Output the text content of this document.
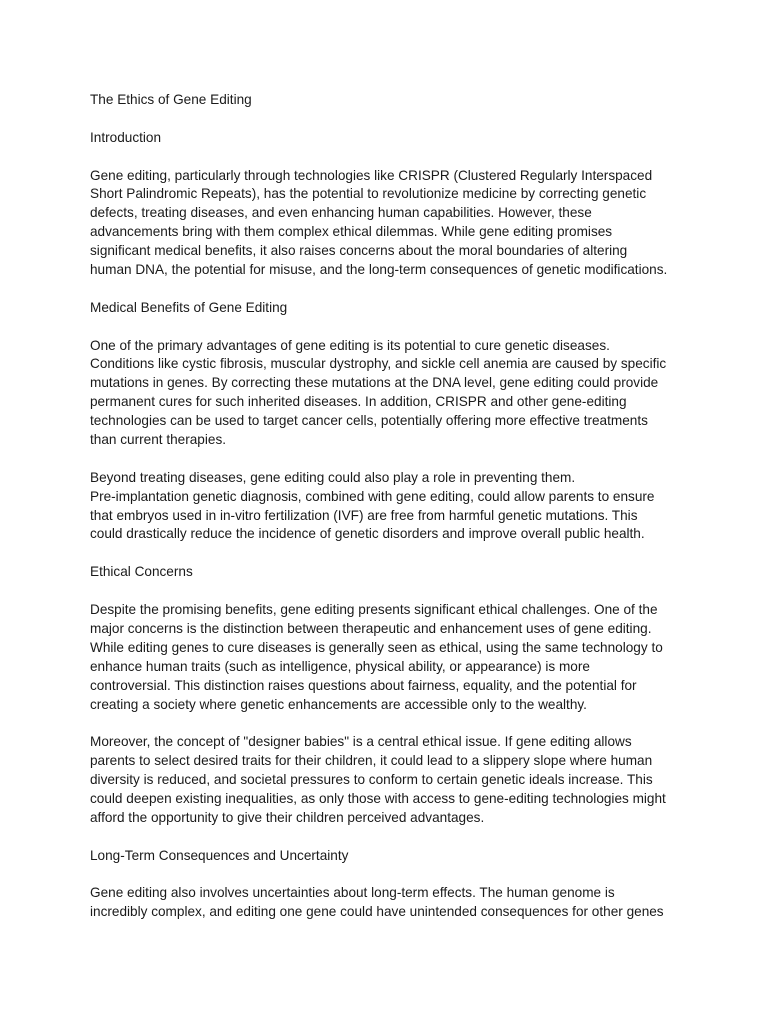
The Ethics of Gene Editing
Introduction
Gene editing, particularly through technologies like CRISPR (Clustered Regularly Interspaced
Short Palindromic Repeats), has the potential to revolutionize medicine by correcting genetic
defects, treating diseases, and even enhancing human capabilities. However, these
advancements bring with them complex ethical dilemmas. While gene editing promises
significant medical benefits, it also raises concerns about the moral boundaries of altering
human DNA, the potential for misuse, and the long-term consequences of genetic modifications.
Medical Benefits of Gene Editing
One of the primary advantages of gene editing is its potential to cure genetic diseases.
Conditions like cystic fibrosis, muscular dystrophy, and sickle cell anemia are caused by specific
mutations in genes. By correcting these mutations at the DNA level, gene editing could provide
permanent cures for such inherited diseases. In addition, CRISPR and other gene-editing
technologies can be used to target cancer cells, potentially offering more effective treatments
than current therapies.
Beyond treating diseases, gene editing could also play a role in preventing them.
Pre-implantation genetic diagnosis, combined with gene editing, could allow parents to ensure
that embryos used in in-vitro fertilization (IVF) are free from harmful genetic mutations. This
could drastically reduce the incidence of genetic disorders and improve overall public health.
Ethical Concerns
Despite the promising benefits, gene editing presents significant ethical challenges. One of the
major concerns is the distinction between therapeutic and enhancement uses of gene editing.
While editing genes to cure diseases is generally seen as ethical, using the same technology to
enhance human traits (such as intelligence, physical ability, or appearance) is more
controversial. This distinction raises questions about fairness, equality, and the potential for
creating a society where genetic enhancements are accessible only to the wealthy.
Moreover, the concept of "designer babies" is a central ethical issue. If gene editing allows
parents to select desired traits for their children, it could lead to a slippery slope where human
diversity is reduced, and societal pressures to conform to certain genetic ideals increase. This
could deepen existing inequalities, as only those with access to gene-editing technologies might
afford the opportunity to give their children perceived advantages.
Long-Term Consequences and Uncertainty
Gene editing also involves uncertainties about long-term effects. The human genome is
incredibly complex, and editing one gene could have unintended consequences for other genes
